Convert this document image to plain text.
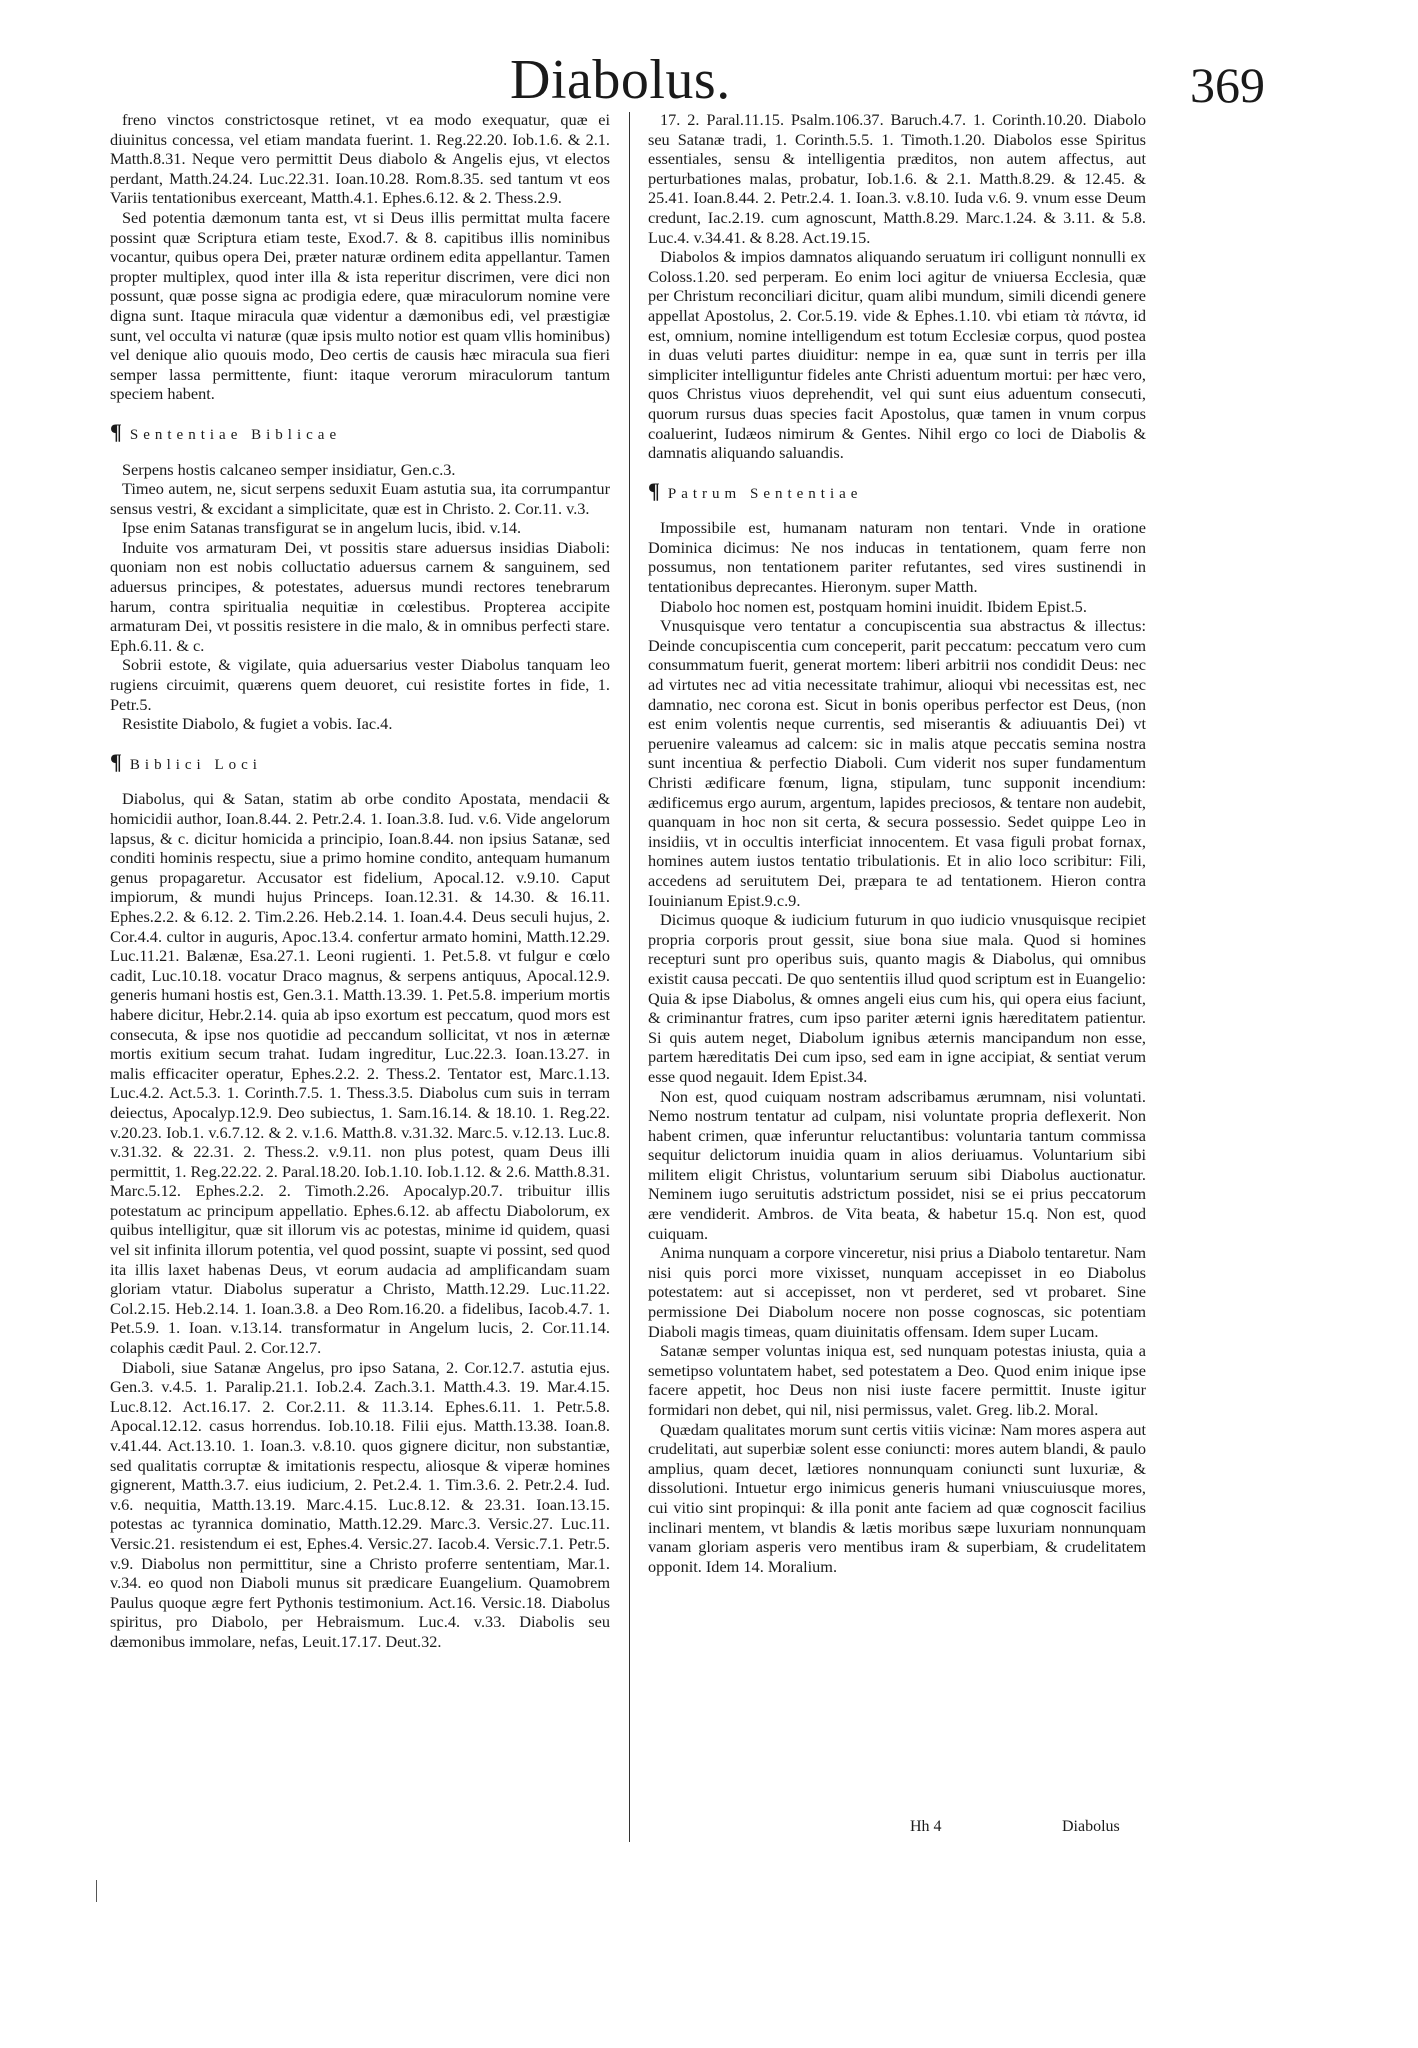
Diabolus.	369

freno vinctos constrictosque retinet, vt ea modo exequatur, quæ ei diuinitus concessa, vel etiam mandata fuerint. 1. Reg.22.20. Iob.1.6. & 2.1. Matth.8.31. Neque vero permittit Deus diabolo & Angelis ejus, vt electos perdant, Matth.24.24. Luc.22.31. Ioan.10.28. Rom.8.35. sed tantum vt eos Variis tentationibus exerceant, Matth.4.1. Ephes.6.12. & 2. Thess.2.9.

Sed potentia dæmonum tanta est, vt si Deus illis permittat multa facere possint quæ Scriptura etiam teste, Exod.7. & 8. capitibus illis nominibus vocantur, quibus opera Dei, præter naturæ ordinem edita appellantur. Tamen propter multiplex, quod inter illa & ista reperitur discrimen, vere dici non possunt, quæ posse signa ac prodigia edere, quæ miraculorum nomine vere digna sunt. Itaque miracula quæ videntur a dæmonibus edi, vel præstigiæ sunt, vel occulta vi naturæ (quæ ipsis multo notior est quam vllis hominibus) vel denique alio quouis modo, Deo certis de causis hæc miracula sua fieri semper lassa permittente, fiunt: itaque verorum miraculorum tantum speciem habent.

¶ Sententiae Biblicae

Serpens hostis calcaneo semper insidiatur, Gen.c.3.

Timeo autem, ne, sicut serpens seduxit Euam astutia sua, ita corrumpantur sensus vestri, & excidant a simplicitate, quæ est in Christo. 2. Cor.11. v.3.

Ipse enim Satanas transfigurat se in angelum lucis, ibid. v.14.

Induite vos armaturam Dei, vt possitis stare aduersus insidias Diaboli: quoniam non est nobis colluctatio aduersus carnem & sanguinem, sed aduersus principes, & potestates, aduersus mundi rectores tenebrarum harum, contra spiritualia nequitiæ in cœlestibus. Propterea accipite armaturam Dei, vt possitis resistere in die malo, & in omnibus perfecti stare. Eph.6.11. & c.

Sobrii estote, & vigilate, quia aduersarius vester Diabolus tanquam leo rugiens circuimit, quærens quem deuoret, cui resistite fortes in fide, 1. Petr.5.

Resistite Diabolo, & fugiet a vobis. Iac.4.

¶ Biblici Loci

Diabolus, qui & Satan, statim ab orbe condito Apostata, mendacii & homicidii author, Ioan.8.44. 2. Petr.2.4. 1. Ioan.3.8. Iud. v.6. Vide angelorum lapsus, & c. dicitur homicida a principio, Ioan.8.44. non ipsius Satanæ, sed conditi hominis respectu, siue a primo homine condito, antequam humanum genus propagaretur. Accusator est fidelium, Apocal.12. v.9.10. Caput impiorum, & mundi hujus Princeps. Ioan.12.31. & 14.30. & 16.11. Ephes.2.2. & 6.12. 2. Tim.2.26. Heb.2.14. 1. Ioan.4.4. Deus seculi hujus, 2. Cor.4.4. cultor in auguris, Apoc.13.4. confertur armato homini, Matth.12.29. Luc.11.21. Balænæ, Esa.27.1. Leoni rugienti. 1. Pet.5.8. vt fulgur e cœlo cadit, Luc.10.18. vocatur Draco magnus, & serpens antiquus, Apocal.12.9. generis humani hostis est, Gen.3.1. Matth.13.39. 1. Pet.5.8. imperium mortis habere dicitur, Hebr.2.14. quia ab ipso exortum est peccatum, quod mors est consecuta, & ipse nos quotidie ad peccandum sollicitat, vt nos in æternæ mortis exitium secum trahat. Iudam ingreditur, Luc.22.3. Ioan.13.27. in malis efficaciter operatur, Ephes.2.2. 2. Thess.2. Tentator est, Marc.1.13. Luc.4.2. Act.5.3. 1. Corinth.7.5. 1. Thess.3.5. Diabolus cum suis in terram deiectus, Apocalyp.12.9. Deo subiectus, 1. Sam.16.14. & 18.10. 1. Reg.22. v.20.23. Iob.1. v.6.7.12. & 2. v.1.6. Matth.8. v.31.32. Marc.5. v.12.13. Luc.8. v.31.32. & 22.31. 2. Thess.2. v.9.11. non plus potest, quam Deus illi permittit, 1. Reg.22.22. 2. Paral.18.20. Iob.1.10. Iob.1.12. & 2.6. Matth.8.31. Marc.5.12. Ephes.2.2. 2. Timoth.2.26. Apocalyp.20.7. tribuitur illis potestatum ac principum appellatio. Ephes.6.12. ab affectu Diabolorum, ex quibus intelligitur, quæ sit illorum vis ac potestas, minime id quidem, quasi vel sit infinita illorum potentia, vel quod possint, suapte vi possint, sed quod ita illis laxet habenas Deus, vt eorum audacia ad amplificandam suam gloriam vtatur. Diabolus superatur a Christo, Matth.12.29. Luc.11.22. Col.2.15. Heb.2.14. 1. Ioan.3.8. a Deo Rom.16.20. a fidelibus, Iacob.4.7. 1. Pet.5.9. 1. Ioan. v.13.14. transformatur in Angelum lucis, 2. Cor.11.14. colaphis cædit Paul. 2. Cor.12.7.

Diaboli, siue Satanæ Angelus, pro ipso Satana, 2. Cor.12.7. astutia ejus. Gen.3. v.4.5. 1. Paralip.21.1. Iob.2.4. Zach.3.1. Matth.4.3. 19. Mar.4.15. Luc.8.12. Act.16.17. 2. Cor.2.11. & 11.3.14. Ephes.6.11. 1. Petr.5.8. Apocal.12.12. casus horrendus. Iob.10.18. Filii ejus. Matth.13.38. Ioan.8. v.41.44. Act.13.10. 1. Ioan.3. v.8.10. quos gignere dicitur, non substantiæ, sed qualitatis corruptæ & imitationis respectu, aliosque & viperæ homines gignerent, Matth.3.7. eius iudicium, 2. Pet.2.4. 1. Tim.3.6. 2. Petr.2.4. Iud. v.6. nequitia, Matth.13.19. Marc.4.15. Luc.8.12. & 23.31. Ioan.13.15. potestas ac tyrannica dominatio, Matth.12.29. Marc.3. Versic.27. Luc.11. Versic.21. resistendum ei est, Ephes.4. Versic.27. Iacob.4. Versic.7.1. Petr.5. v.9. Diabolus non permittitur, sine a Christo proferre sententiam, Mar.1. v.34. eo quod non Diaboli munus sit prædicare Euangelium. Quamobrem Paulus quoque ægre fert Pythonis testimonium. Act.16. Versic.18. Diabolus spiritus, pro Diabolo, per Hebraismum. Luc.4. v.33. Diabolis seu dæmonibus immolare, nefas, Leuit.17.17. Deut.32.

17. 2. Paral.11.15. Psalm.106.37. Baruch.4.7. 1. Corinth.10.20. Diabolo seu Satanæ tradi, 1. Corinth.5.5. 1. Timoth.1.20. Diabolos esse Spiritus essentiales, sensu & intelligentia præditos, non autem affectus, aut perturbationes malas, probatur, Iob.1.6. & 2.1. Matth.8.29. & 12.45. & 25.41. Ioan.8.44. 2. Petr.2.4. 1. Ioan.3. v.8.10. Iuda v.6. 9. vnum esse Deum credunt, Iac.2.19. cum agnoscunt, Matth.8.29. Marc.1.24. & 3.11. & 5.8. Luc.4. v.34.41. & 8.28. Act.19.15.

Diabolos & impios damnatos aliquando seruatum iri colligunt nonnulli ex Coloss.1.20. sed perperam. Eo enim loci agitur de vniuersa Ecclesia, quæ per Christum reconciliari dicitur, quam alibi mundum, simili dicendi genere appellat Apostolus, 2. Cor.5.19. vide & Ephes.1.10. vbi etiam τὰ πάντα, id est, omnium, nomine intelligendum est totum Ecclesiæ corpus, quod postea in duas veluti partes diuiditur: nempe in ea, quæ sunt in terris per illa simpliciter intelliguntur fideles ante Christi aduentum mortui: per hæc vero, quos Christus viuos deprehendit, vel qui sunt eius aduentum consecuti, quorum rursus duas species facit Apostolus, quæ tamen in vnum corpus coaluerint, Iudæos nimirum & Gentes. Nihil ergo co loci de Diabolis & damnatis aliquando saluandis.

¶ Patrum Sententiae

Impossibile est, humanam naturam non tentari. Vnde in oratione Dominica dicimus: Ne nos inducas in tentationem, quam ferre non possumus, non tentationem pariter refutantes, sed vires sustinendi in tentationibus deprecantes. Hieronym. super Matth.

Diabolo hoc nomen est, postquam homini inuidit. Ibidem Epist.5.

Vnusquisque vero tentatur a concupiscentia sua abstractus & illectus: Deinde concupiscentia cum conceperit, parit peccatum: peccatum vero cum consummatum fuerit, generat mortem: liberi arbitrii nos condidit Deus: nec ad virtutes nec ad vitia necessitate trahimur, alioqui vbi necessitas est, nec damnatio, nec corona est. Sicut in bonis operibus perfector est Deus, (non est enim volentis neque currentis, sed miserantis & adiuuantis Dei) vt peruenire valeamus ad calcem: sic in malis atque peccatis semina nostra sunt incentiua & perfectio Diaboli. Cum viderit nos super fundamentum Christi ædificare fœnum, ligna, stipulam, tunc supponit incendium: ædificemus ergo aurum, argentum, lapides preciosos, & tentare non audebit, quanquam in hoc non sit certa, & secura possessio. Sedet quippe Leo in insidiis, vt in occultis interficiat innocentem. Et vasa figuli probat fornax, homines autem iustos tentatio tribulationis. Et in alio loco scribitur: Fili, accedens ad seruitutem Dei, præpara te ad tentationem. Hieron contra Iouinianum Epist.9.c.9.

Dicimus quoque & iudicium futurum in quo iudicio vnusquisque recipiet propria corporis prout gessit, siue bona siue mala. Quod si homines recepturi sunt pro operibus suis, quanto magis & Diabolus, qui omnibus existit causa peccati. De quo sententiis illud quod scriptum est in Euangelio: Quia & ipse Diabolus, & omnes angeli eius cum his, qui opera eius faciunt, & criminantur fratres, cum ipso pariter æterni ignis hæreditatem patientur. Si quis autem neget, Diabolum ignibus æternis mancipandum non esse, partem hæreditatis Dei cum ipso, sed eam in igne accipiat, & sentiat verum esse quod negauit. Idem Epist.34.

Non est, quod cuiquam nostram adscribamus ærumnam, nisi voluntati. Nemo nostrum tentatur ad culpam, nisi voluntate propria deflexerit. Non habent crimen, quæ inferuntur reluctantibus: voluntaria tantum commissa sequitur delictorum inuidia quam in alios deriuamus. Voluntarium sibi militem eligit Christus, voluntarium seruum sibi Diabolus auctionatur. Neminem iugo seruitutis adstrictum possidet, nisi se ei prius peccatorum ære vendiderit. Ambros. de Vita beata, & habetur 15.q. Non est, quod cuiquam.

Anima nunquam a corpore vinceretur, nisi prius a Diabolo tentaretur. Nam nisi quis porci more vixisset, nunquam accepisset in eo Diabolus potestatem: aut si accepisset, non vt perderet, sed vt probaret. Sine permissione Dei Diabolum nocere non posse cognoscas, sic potentiam Diaboli magis timeas, quam diuinitatis offensam. Idem super Lucam.

Satanæ semper voluntas iniqua est, sed nunquam potestas iniusta, quia a semetipso voluntatem habet, sed potestatem a Deo. Quod enim inique ipse facere appetit, hoc Deus non nisi iuste facere permittit. Inuste igitur formidari non debet, qui nil, nisi permissus, valet. Greg. lib.2. Moral.

Quædam qualitates morum sunt certis vitiis vicinæ: Nam mores aspera aut crudelitati, aut superbiæ solent esse coniuncti: mores autem blandi, & paulo amplius, quam decet, lætiores nonnunquam coniuncti sunt luxuriæ, & dissolutioni. Intuetur ergo inimicus generis humani vniuscuiusque mores, cui vitio sint propinqui: & illa ponit ante faciem ad quæ cognoscit facilius inclinari mentem, vt blandis & lætis moribus sæpe luxuriam nonnunquam vanam gloriam asperis vero mentibus iram & superbiam, & crudelitatem opponit. Idem 14. Moralium.

Hh 4	Diabolus
